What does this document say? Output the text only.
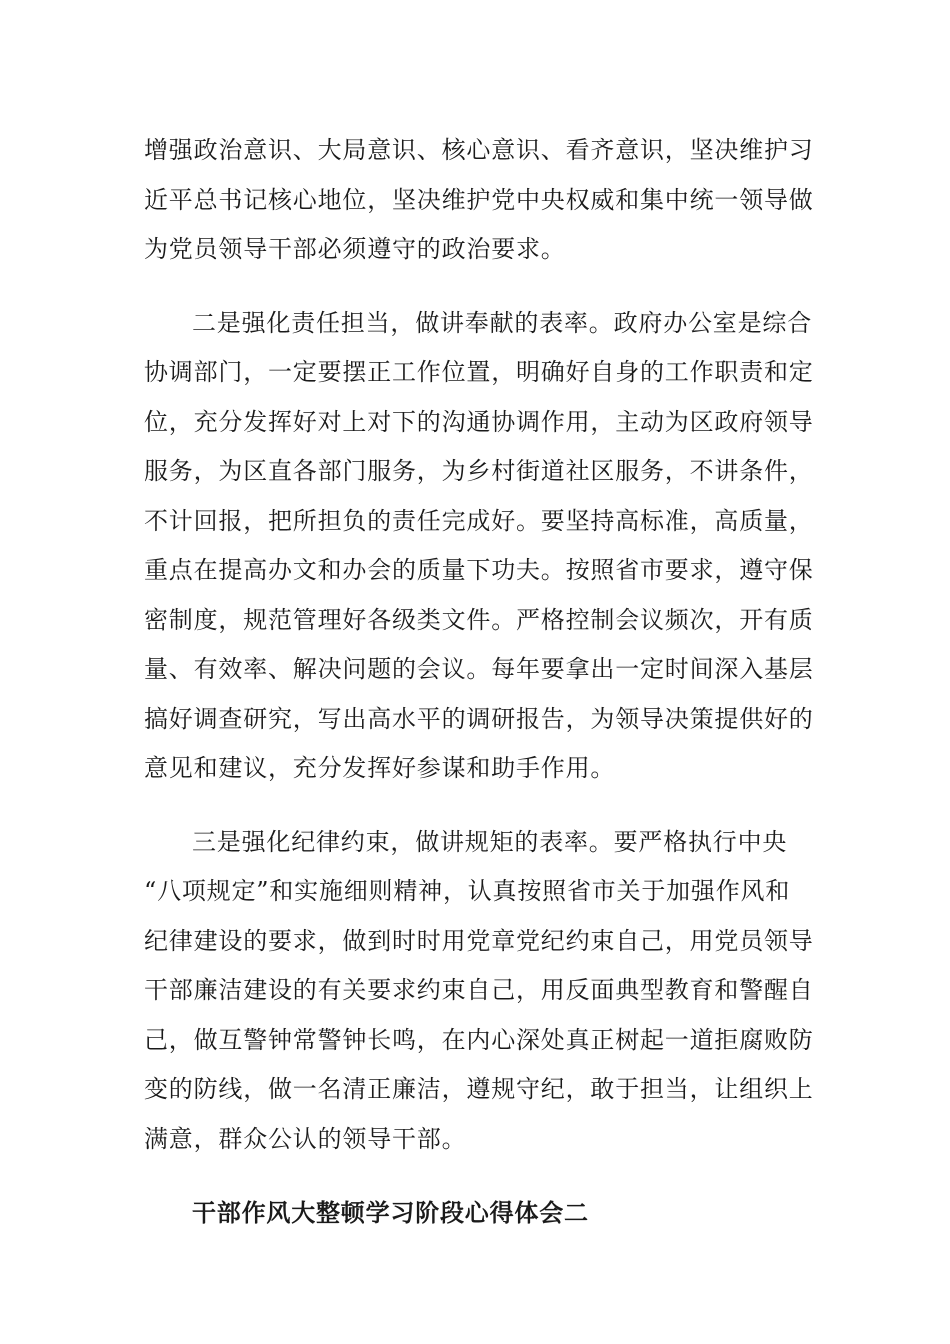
增强政治意识、大局意识、核心意识、看齐意识，坚决维护习
近平总书记核心地位，坚决维护党中央权威和集中统一领导做
为党员领导干部必须遵守的政治要求。
二是强化责任担当，做讲奉献的表率。政府办公室是综合
协调部门，一定要摆正工作位置，明确好自身的工作职责和定
位，充分发挥好对上对下的沟通协调作用，主动为区政府领导
服务，为区直各部门服务，为乡村街道社区服务，不讲条件，
不计回报，把所担负的责任完成好。要坚持高标准，高质量，
重点在提高办文和办会的质量下功夫。按照省市要求，遵守保
密制度，规范管理好各级类文件。严格控制会议频次，开有质
量、有效率、解决问题的会议。每年要拿出一定时间深入基层
搞好调查研究，写出高水平的调研报告，为领导决策提供好的
意见和建议，充分发挥好参谋和助手作用。
三是强化纪律约束，做讲规矩的表率。要严格执行中央
“八项规定”和实施细则精神，认真按照省市关于加强作风和
纪律建设的要求，做到时时用党章党纪约束自己，用党员领导
干部廉洁建设的有关要求约束自己，用反面典型教育和警醒自
己，做互警钟常警钟长鸣，在内心深处真正树起一道拒腐败防
变的防线，做一名清正廉洁，遵规守纪，敢于担当，让组织上
满意，群众公认的领导干部。
干部作风大整顿学习阶段心得体会二
